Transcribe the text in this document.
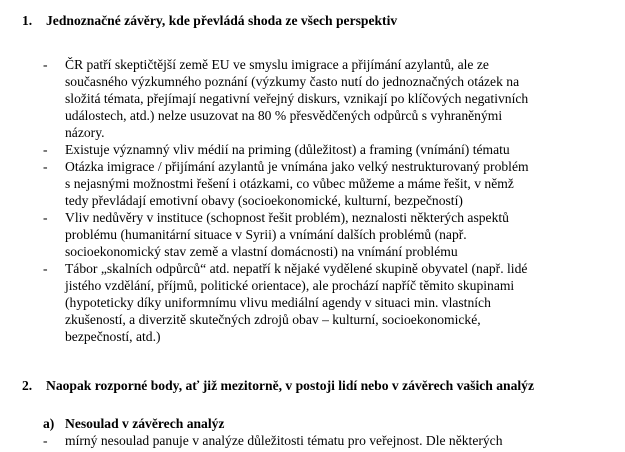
1. Jednoznačné závěry, kde převládá shoda ze všech perspektiv
- ČR patří skeptičtější země EU ve smyslu imigrace a přijímání azylantů, ale ze
současného výzkumného poznání (výzkumy často nutí do jednoznačných otázek na
složitá témata, přejímají negativní veřejný diskurs, vznikají po klíčových negativních
událostech, atd.) nelze usuzovat na 80 % přesvědčených odpůrců s vyhraněnými
názory.
- Existuje významný vliv médií na priming (důležitost) a framing (vnímání) tématu
- Otázka imigrace / přijímání azylantů je vnímána jako velký nestrukturovaný problém
s nejasnými možnostmi řešení i otázkami, co vůbec můžeme a máme řešit, v němž
tedy převládají emotivní obavy (socioekonomické, kulturní, bezpečností)
- Vliv nedůvěry v instituce (schopnost řešit problém), neznalosti některých aspektů
problému (humanitární situace v Syrii) a vnímání dalších problémů (např.
socioekonomický stav země a vlastní domácnosti) na vnímání problému
- Tábor „skalních odpůrců“ atd. nepatří k nějaké vydělené skupině obyvatel (např. lidé
jistého vzdělání, příjmů, politické orientace), ale prochází napříč těmito skupinami
(hypoteticky díky uniformnímu vlivu mediální agendy v situaci min. vlastních
zkušeností, a diverzitě skutečných zdrojů obav – kulturní, socioekonomické,
bezpečností, atd.)
2. Naopak rozporné body, ať již mezitorně, v postoji lidí nebo v závěrech vašich analýz
a) Nesoulad v závěrech analýz
- mírný nesoulad panuje v analýze důležitosti tématu pro veřejnost. Dle některých
